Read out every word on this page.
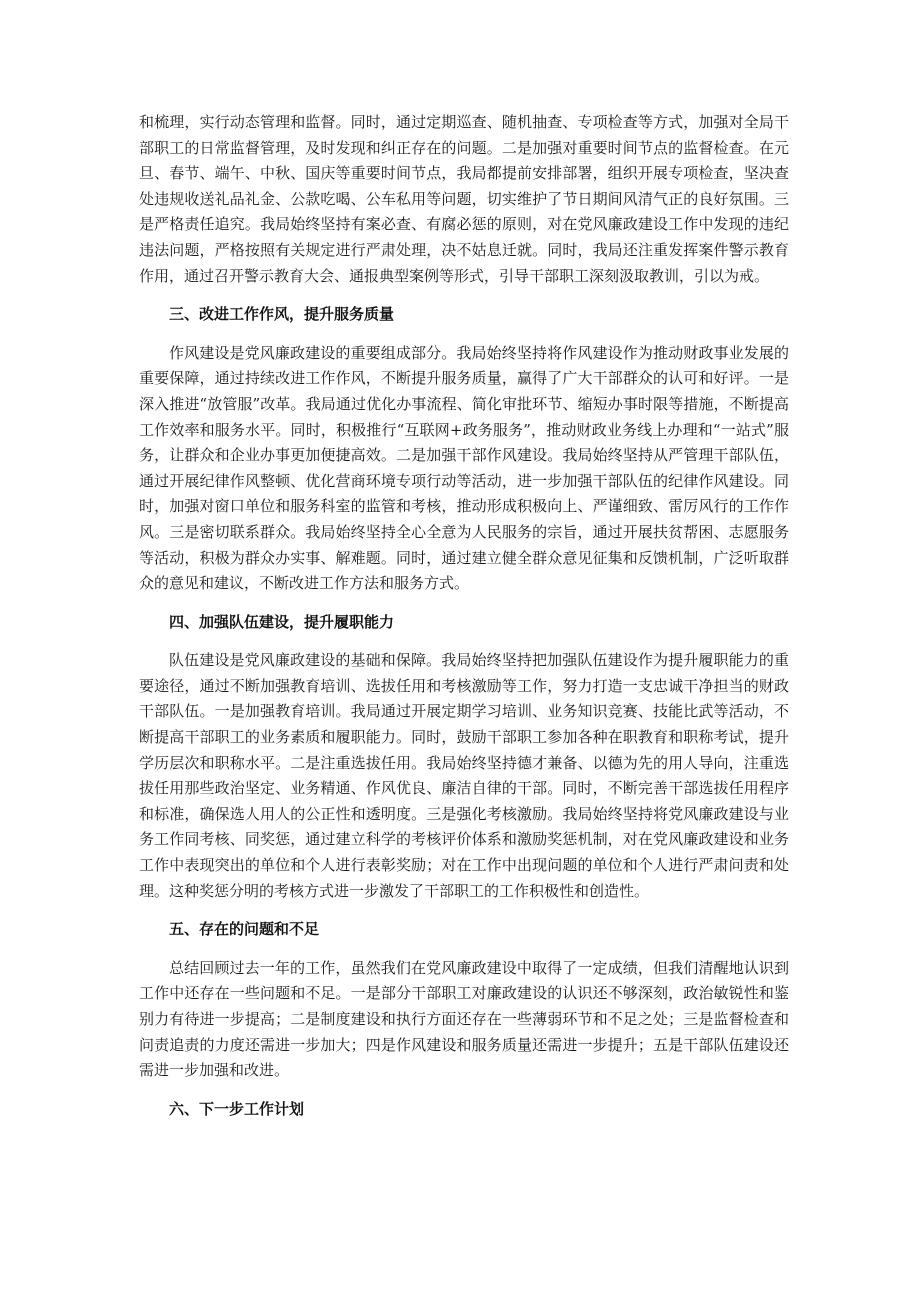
和梳理，实行动态管理和监督。同时，通过定期巡查、随机抽查、专项检查等方式，加强对全局干部职工的日常监督管理，及时发现和纠正存在的问题。二是加强对重要时间节点的监督检查。在元旦、春节、端午、中秋、国庆等重要时间节点，我局都提前安排部署，组织开展专项检查，坚决查处违规收送礼品礼金、公款吃喝、公车私用等问题，切实维护了节日期间风清气正的良好氛围。三是严格责任追究。我局始终坚持有案必查、有腐必惩的原则，对在党风廉政建设工作中发现的违纪违法问题，严格按照有关规定进行严肃处理，决不姑息迁就。同时，我局还注重发挥案件警示教育作用，通过召开警示教育大会、通报典型案例等形式，引导干部职工深刻汲取教训，引以为戒。

三、改进工作作风，提升服务质量

作风建设是党风廉政建设的重要组成部分。我局始终坚持将作风建设作为推动财政事业发展的重要保障，通过持续改进工作作风，不断提升服务质量，赢得了广大干部群众的认可和好评。一是深入推进“放管服”改革。我局通过优化办事流程、简化审批环节、缩短办事时限等措施，不断提高工作效率和服务水平。同时，积极推行“互联网+政务服务”，推动财政业务线上办理和“一站式”服务，让群众和企业办事更加便捷高效。二是加强干部作风建设。我局始终坚持从严管理干部队伍，通过开展纪律作风整顿、优化营商环境专项行动等活动，进一步加强干部队伍的纪律作风建设。同时，加强对窗口单位和服务科室的监管和考核，推动形成积极向上、严谨细致、雷厉风行的工作作风。三是密切联系群众。我局始终坚持全心全意为人民服务的宗旨，通过开展扶贫帮困、志愿服务等活动，积极为群众办实事、解难题。同时，通过建立健全群众意见征集和反馈机制，广泛听取群众的意见和建议，不断改进工作方法和服务方式。

四、加强队伍建设，提升履职能力

队伍建设是党风廉政建设的基础和保障。我局始终坚持把加强队伍建设作为提升履职能力的重要途径，通过不断加强教育培训、选拔任用和考核激励等工作，努力打造一支忠诚干净担当的财政干部队伍。一是加强教育培训。我局通过开展定期学习培训、业务知识竞赛、技能比武等活动，不断提高干部职工的业务素质和履职能力。同时，鼓励干部职工参加各种在职教育和职称考试，提升学历层次和职称水平。二是注重选拔任用。我局始终坚持德才兼备、以德为先的用人导向，注重选拔任用那些政治坚定、业务精通、作风优良、廉洁自律的干部。同时，不断完善干部选拔任用程序和标准，确保选人用人的公正性和透明度。三是强化考核激励。我局始终坚持将党风廉政建设与业务工作同考核、同奖惩，通过建立科学的考核评价体系和激励奖惩机制，对在党风廉政建设和业务工作中表现突出的单位和个人进行表彰奖励；对在工作中出现问题的单位和个人进行严肃问责和处理。这种奖惩分明的考核方式进一步激发了干部职工的工作积极性和创造性。

五、存在的问题和不足

总结回顾过去一年的工作，虽然我们在党风廉政建设中取得了一定成绩，但我们清醒地认识到工作中还存在一些问题和不足。一是部分干部职工对廉政建设的认识还不够深刻，政治敏锐性和鉴别力有待进一步提高；二是制度建设和执行方面还存在一些薄弱环节和不足之处；三是监督检查和问责追责的力度还需进一步加大；四是作风建设和服务质量还需进一步提升；五是干部队伍建设还需进一步加强和改进。

六、下一步工作计划
